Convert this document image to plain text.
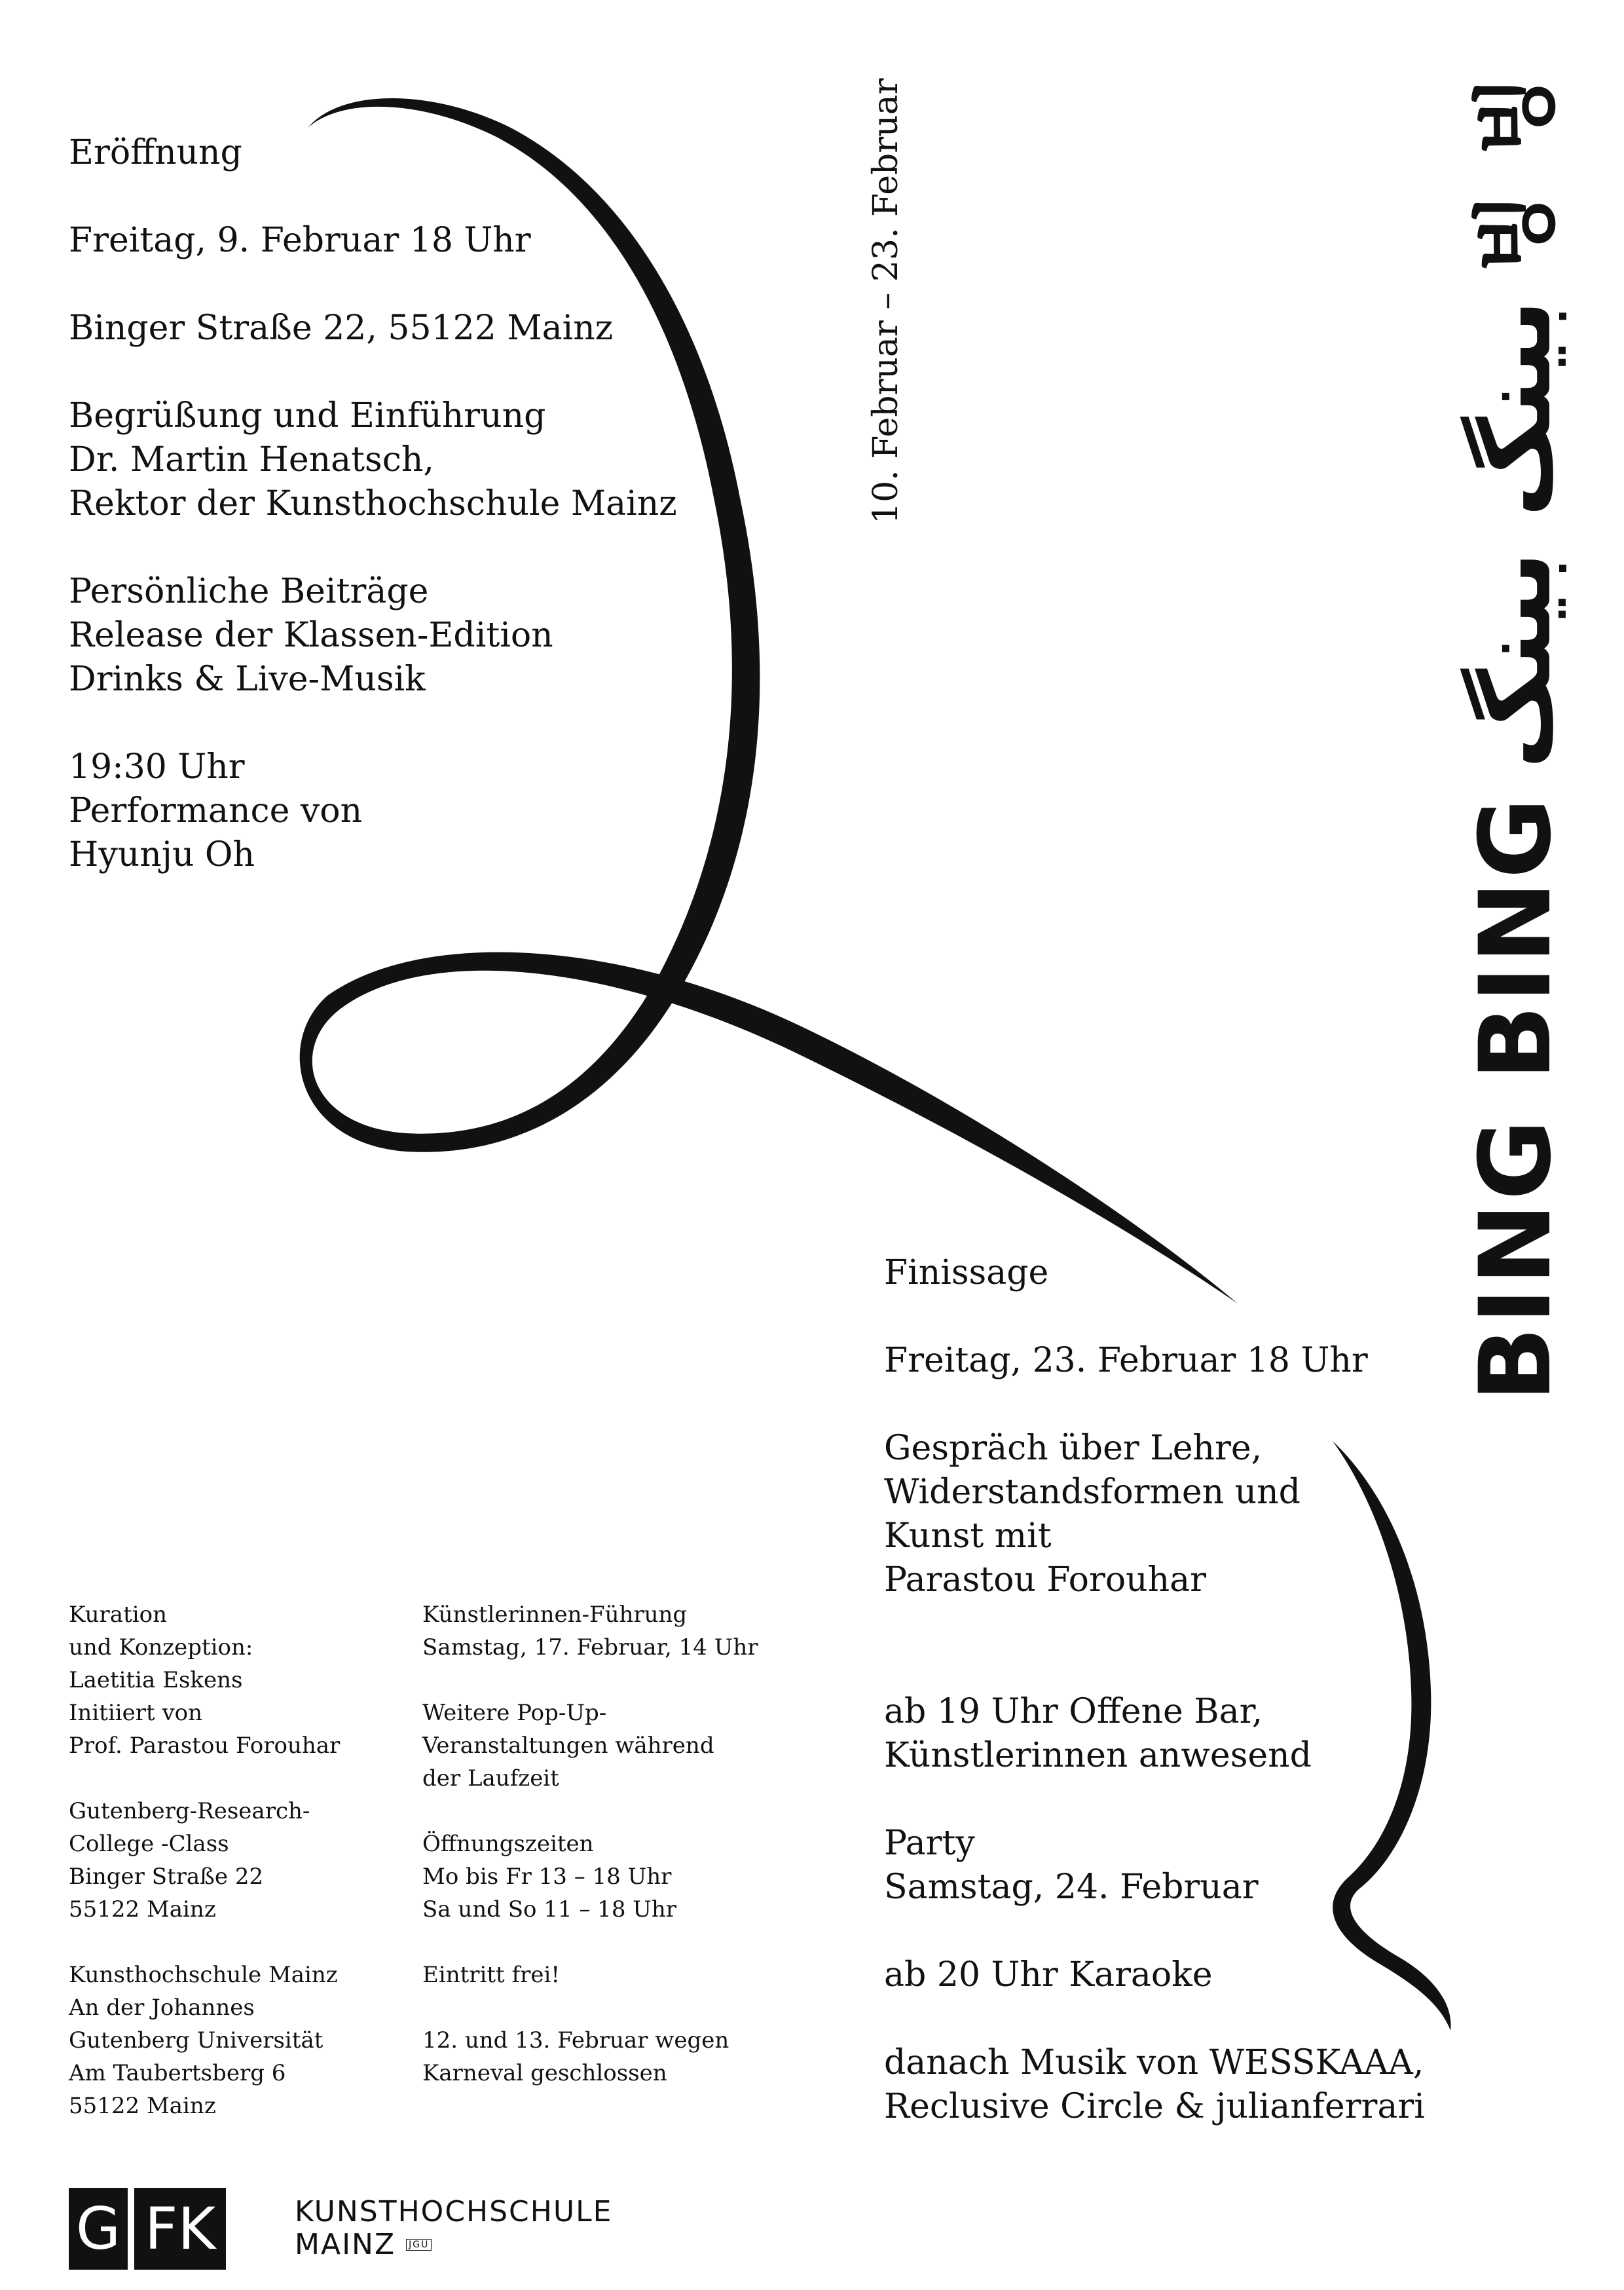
Eröffnung
Freitag, 9. Februar 18 Uhr
Binger Straße 22, 55122 Mainz
Begrüßung und Einführung
Dr. Martin Henatsch,
Rektor der Kunsthochschule Mainz
Persönliche Beiträge
Release der Klassen-Edition
Drinks & Live-Musik
19:30 Uhr
Performance von
Hyunju Oh
10. Februar – 23. Februar
BING BING
بینگ بینگ
빙 빙
Finissage
Freitag, 23. Februar 18 Uhr
Gespräch über Lehre,
Widerstandsformen und
Kunst mit
Parastou Forouhar
ab 19 Uhr Offene Bar,
Künstlerinnen anwesend
Party
Samstag, 24. Februar
ab 20 Uhr Karaoke
danach Musik von WESSKAAA,
Reclusive Circle & julianferrari
Kuration
und Konzeption:
Laetitia Eskens
Initiiert von
Prof. Parastou Forouhar
Gutenberg-Research-
College -Class
Binger Straße 22
55122 Mainz
Kunsthochschule Mainz
An der Johannes
Gutenberg Universität
Am Taubertsberg 6
55122 Mainz
Künstlerinnen-Führung
Samstag, 17. Februar, 14 Uhr
Weitere Pop-Up-
Veranstaltungen während
der Laufzeit
Öffnungszeiten
Mo bis Fr 13 – 18 Uhr
Sa und So 11 – 18 Uhr
Eintritt frei!
12. und 13. Februar wegen
Karneval geschlossen
G FK	KUNSTHOCHSCHULE
MAINZ JGU
